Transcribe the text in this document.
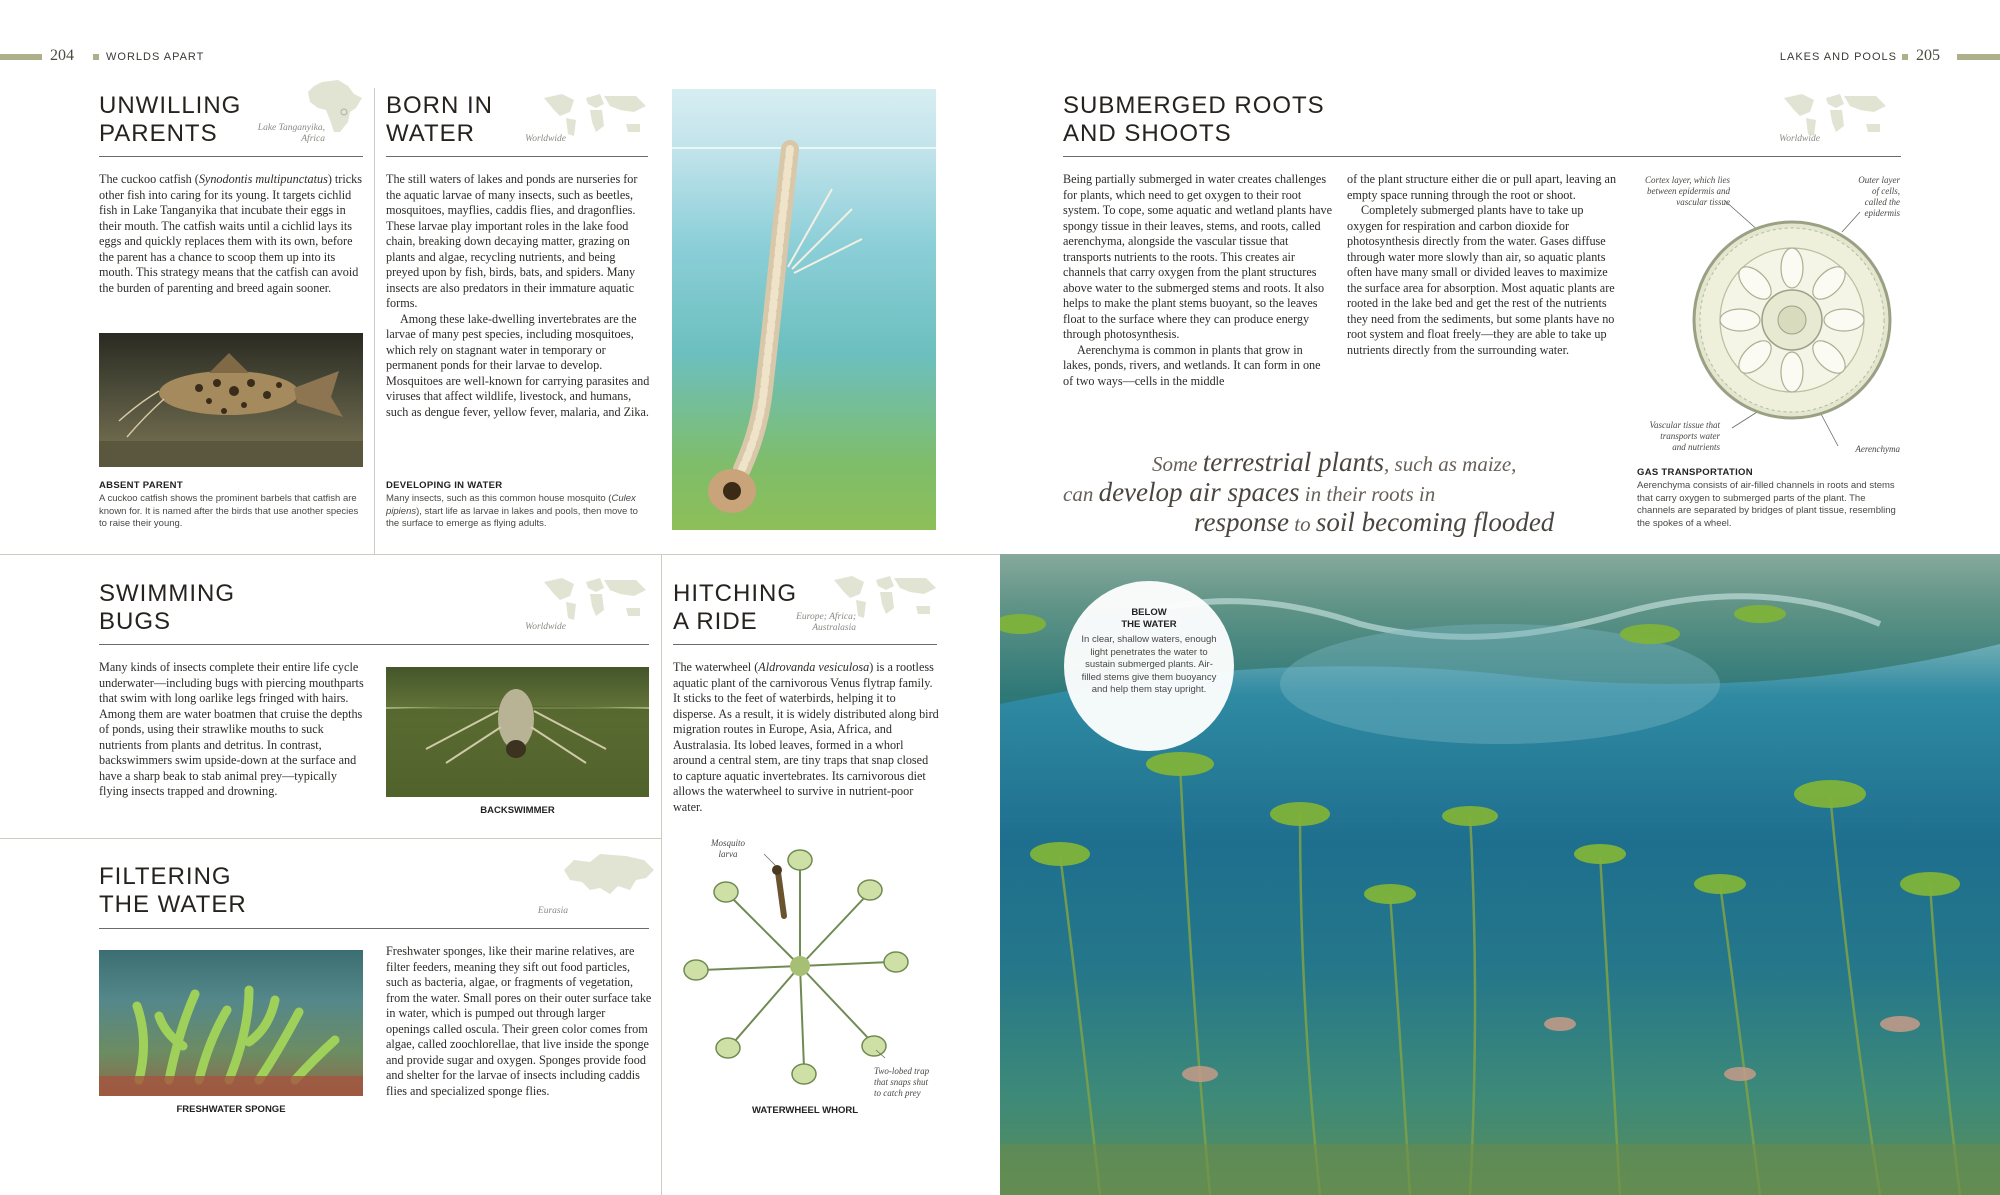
204	WORLDS APART	LAKES AND POOLS 205
UNWILLING
PARENTS	Lake Tanganyika,
Africa

The cuckoo catfish (Synodontis multipunctatus) tricks other fish into caring for its young. It targets cichlid fish in Lake Tanganyika that incubate their eggs in their mouth. The catfish waits until a cichlid lays its eggs and quickly replaces them with its own, before the parent has a chance to scoop them up into its mouth. This strategy means that the catfish can avoid the burden of parenting and breed again sooner.

ABSENT PARENT
A cuckoo catfish shows the prominent barbels that catfish are known for. It is named after the birds that use another species to raise their young.
BORN IN
WATER	Worldwide

The still waters of lakes and ponds are nurseries for the aquatic larvae of many insects, such as beetles, mosquitoes, mayflies, caddis flies, and dragonflies. These larvae play important roles in the lake food chain, breaking down decaying matter, grazing on plants and algae, recycling nutrients, and being preyed upon by fish, birds, bats, and spiders. Many insects are also predators in their immature aquatic forms.

Among these lake-dwelling invertebrates are the larvae of many pest species, including mosquitoes, which rely on stagnant water in temporary or permanent ponds for their larvae to develop. Mosquitoes are well-known for carrying parasites and viruses that affect wildlife, livestock, and humans, such as dengue fever, yellow fever, malaria, and Zika.

DEVELOPING IN WATER
Many insects, such as this common house mosquito (Culex pipiens), start life as larvae in lakes and pools, then move to the surface to emerge as flying adults.
SUBMERGED ROOTS
AND SHOOTS	Worldwide

Being partially submerged in water creates challenges for plants, which need to get oxygen to their root system. To cope, some aquatic and wetland plants have spongy tissue in their leaves, stems, and roots, called aerenchyma, alongside the vascular tissue that transports nutrients to the roots. This creates air channels that carry oxygen from the plant structures above water to the submerged stems and roots. It also helps to make the plant stems buoyant, so the leaves float to the surface where they can produce energy through photosynthesis.

Aerenchyma is common in plants that grow in lakes, ponds, rivers, and wetlands. It can form in one of two ways—cells in the middle

of the plant structure either die or pull apart, leaving an empty space running through the root or shoot.

Completely submerged plants have to take up oxygen for respiration and carbon dioxide for photosynthesis directly from the water. Gases diffuse through water more slowly than air, so aquatic plants often have many small or divided leaves to maximize the surface area for absorption. Most aquatic plants are rooted in the lake bed and get the rest of the nutrients they need from the sediments, but some plants have no root system and float freely—they are able to take up nutrients directly from the surrounding water.

Some terrestrial plants, such as maize,
can develop air spaces in their roots in
response to soil becoming flooded
Cortex layer, which lies
between epidermis and
vascular tissue
Outer layer
of cells,
called the
epidermis
Vascular tissue that
transports water
and nutrients	Aerenchyma
GAS TRANSPORTATION
Aerenchyma consists of air-filled channels in roots and stems that carry oxygen to submerged parts of the plant. The channels are separated by bridges of plant tissue, resembling the spokes of a wheel.
SWIMMING
BUGS	Worldwide

Many kinds of insects complete their entire life cycle underwater—including bugs with piercing mouthparts that swim with long oarlike legs fringed with hairs. Among them are water boatmen that cruise the depths of ponds, using their strawlike mouths to suck nutrients from plants and detritus. In contrast, backswimmers swim upside-down at the surface and have a sharp beak to stab animal prey—typically flying insects trapped and drowning.

BACKSWIMMER
HITCHING
A RIDE	Europe; Africa;
Australasia

The waterwheel (Aldrovanda vesiculosa) is a rootless aquatic plant of the carnivorous Venus flytrap family. It sticks to the feet of waterbirds, helping it to disperse. As a result, it is widely distributed along bird migration routes in Europe, Asia, Africa, and Australasia. Its lobed leaves, formed in a whorl around a central stem, are tiny traps that snap closed to capture aquatic invertebrates. Its carnivorous diet allows the waterwheel to survive in nutrient-poor water.

Mosquito
larva
Two-lobed trap
that snaps shut
to catch prey
WATERWHEEL WHORL
FILTERING
THE WATER	Eurasia
FRESHWATER SPONGE

Freshwater sponges, like their marine relatives, are filter feeders, meaning they sift out food particles, such as bacteria, algae, or fragments of vegetation, from the water. Small pores on their outer surface take in water, which is pumped out through larger openings called oscula. Their green color comes from algae, called zoochlorellae, that live inside the sponge and provide sugar and oxygen. Sponges provide food and shelter for the larvae of insects including caddis flies and specialized sponge flies.

BELOW
THE WATER
In clear, shallow waters, enough light penetrates the water to sustain submerged plants. Air-filled stems give them buoyancy and help them stay upright.
